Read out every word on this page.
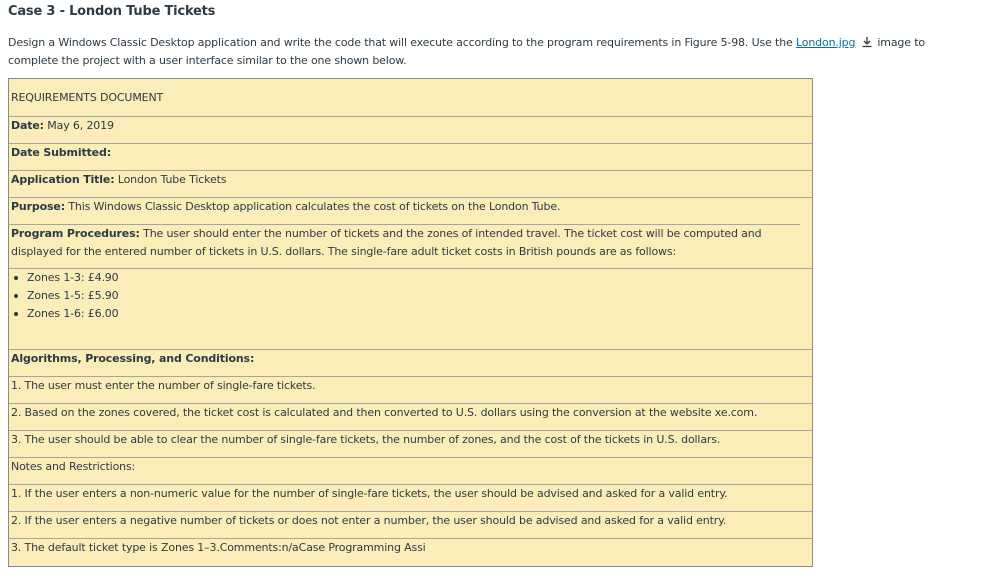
Case 3 - London Tube Tickets
Design a Windows Classic Desktop application and write the code that will execute according to the program requirements in Figure 5-98. Use the London.jpg image to complete the project with a user interface similar to the one shown below.
REQUIREMENTS DOCUMENT
Date: May 6, 2019
Date Submitted:
Application Title: London Tube Tickets
Purpose: This Windows Classic Desktop application calculates the cost of tickets on the London Tube.
Program Procedures: The user should enter the number of tickets and the zones of intended travel. The ticket cost will be computed and displayed for the entered number of tickets in U.S. dollars. The single-fare adult ticket costs in British pounds are as follows:
Zones 1-3: £4.90
Zones 1-5: £5.90
Zones 1-6: £6.00
Algorithms, Processing, and Conditions:
1. The user must enter the number of single-fare tickets.
2. Based on the zones covered, the ticket cost is calculated and then converted to U.S. dollars using the conversion at the website xe.com.
3. The user should be able to clear the number of single-fare tickets, the number of zones, and the cost of the tickets in U.S. dollars.
Notes and Restrictions:
1. If the user enters a non-numeric value for the number of single-fare tickets, the user should be advised and asked for a valid entry.
2. If the user enters a negative number of tickets or does not enter a number, the user should be advised and asked for a valid entry.
3. The default ticket type is Zones 1–3.Comments:n/aCase Programming Assi
